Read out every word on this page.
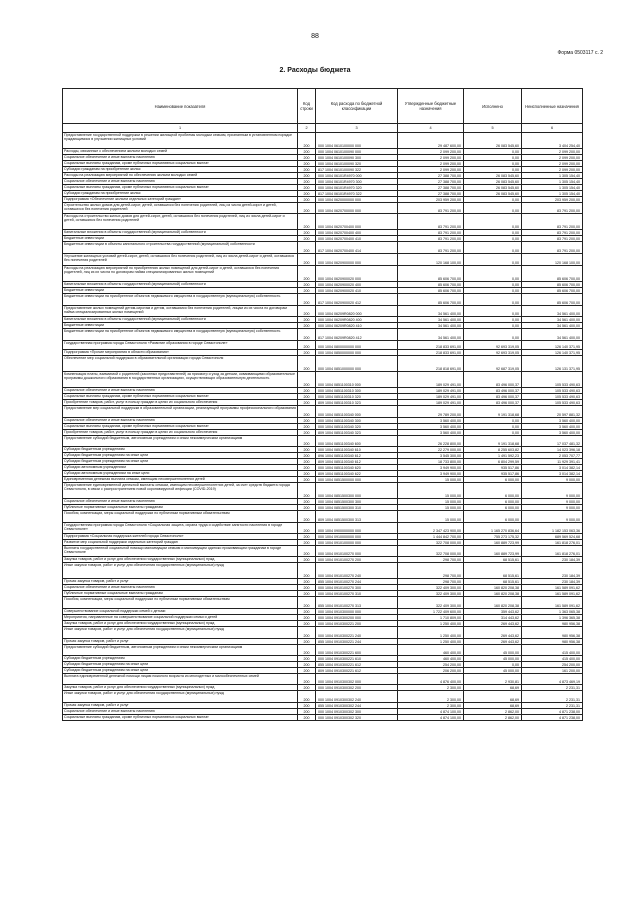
88
Форма 0503117 с. 2
2. Расходы бюджета
Наименование показателя	Код строки	Код расхода по бюджетной классификации	Утвержденные бюджетные назначения	Исполнено	Неисполненные назначения
1	2	3	4	5	6
Предоставление государственной поддержки в решении жилищной проблемы молодым семьям, признанным в установленном порядке нуждающимися в улучшении жилищных условий	200	000 1004 0610100000 000	29 487 600,00	26 083 545,60	3 404 254,40
Расходы, связанные с обеспечением жильем молодых семей	200	000 1004 0610100090 000	2 099 200,00	0,00	2 099 200,00
Социальное обеспечение и иные выплаты населению	200	000 1004 0610100090 300	2 099 200,00	0,00	2 099 200,00
Социальные выплаты гражданам, кроме публичных нормативных социальных выплат	200	000 1004 0610100090 320	2 099 200,00	0,00	2 099 200,00
Субсидии гражданам на приобретение жилья	200	817 1004 0610100090 322	2 099 200,00	0,00	2 099 200,00
Расходы на реализацию мероприятий по обеспечению жильем молодых семей	200	000 1004 06101R4970 000	27 388 700,00	26 083 545,60	1 305 154,40
Социальное обеспечение и иные выплаты населению	200	000 1004 06101R4970 300	27 388 700,00	26 083 545,60	1 305 154,40
Социальные выплаты гражданам, кроме публичных нормативных социальных выплат	200	000 1004 06101R4970 320	27 388 700,00	26 083 545,60	1 305 154,40
Субсидии гражданам на приобретение жилья	200	817 1004 06101R4970 322	27 388 700,00	26 083 545,60	1 305 154,40
Подпрограмма «Обеспечение жильем отдельных категорий граждан»	200	000 1004 0620000000 000	203 959 200,00	0,00	203 959 200,00
Строительство жилых домов для детей-сирот, детей, оставшихся без попечения родителей, лиц из числа детей-сирот и детей, оставшихся без попечения родителей	200	000 1004 0620700000 000	83 791 200,00	0,00	83 791 200,00
Расходы на строительство жилых домов для детей-сирот, детей, оставшихся без попечения родителей, лиц из числа детей-сирот и детей, оставшихся без попечения родителей	200	000 1004 0620700400 000	83 791 200,00	0,00	83 791 200,00
Капитальные вложения в объекты государственной (муниципальной) собственности	200	000 1004 0620700400 400	83 791 200,00	0,00	83 791 200,00
Бюджетные инвестиции	200	000 1004 0620700400 410	83 791 200,00	0,00	83 791 200,00
Бюджетные инвестиции в объекты капитального строительства государственной (муниципальной) собственности	200	817 1004 0620700400 414	83 791 200,00	0,00	83 791 200,00
Улучшение жилищных условий детей-сирот, детей, оставшихся без попечения родителей, лиц из числа детей-сирот и детей, оставшихся без попечения родителей	200	000 1004 0620900000 000	120 168 100,00	0,00	120 168 100,00
Расходы на реализацию мероприятий по приобретению жилых помещений для детей-сирот и детей, оставшихся без попечения родителей, лиц из их числа по договорам найма специализированных жилых помещений	200	000 1004 0620900020 000	85 606 700,00	0,00	85 606 700,00
Капитальные вложения в объекты государственной (муниципальной) собственности	200	000 1004 0620900020 400	85 606 700,00	0,00	85 606 700,00
Бюджетные инвестиции	200	000 1004 0620900020 410	85 606 700,00	0,00	85 606 700,00
Бюджетные инвестиции на приобретение объектов недвижимого имущества в государственную (муниципальную) собственность	200	817 1004 0620900020 412	85 606 700,00	0,00	85 606 700,00
Предоставление жилых помещений детям-сиротам и детям, оставшимся без попечения родителей, лицам из их числа по договорам найма специализированных жилых помещений	200	000 1004 06209R0820 000	34 561 400,00	0,00	34 561 400,00
Капитальные вложения в объекты государственной (муниципальной) собственности	200	000 1004 06209R0820 400	34 561 400,00	0,00	34 561 400,00
Бюджетные инвестиции	200	000 1004 06209R0820 410	34 561 400,00	0,00	34 561 400,00
Бюджетные инвестиции на приобретение объектов недвижимого имущества в государственную (муниципальную) собственность	200	817 1004 06209R0820 412	34 561 400,00	0,00	34 561 400,00
Государственная программа города Севастополя «Развитие образования в городе Севастополе»	200	000 1004 0800000000 000	218 833 691,00	92 693 319,05	126 140 371,95
Подпрограмма «Прочие мероприятия в области образования»	200	000 1004 0850000000 000	218 833 691,00	92 693 319,05	126 140 371,95
Обеспечение мер социальной поддержки в образовательной организации города Севастополя	200	000 1004 0851000000 000	218 818 691,00	92 687 319,05	126 131 371,95
Компенсация платы, взимаемой с родителей (законных представителей) за присмотр и уход за детьми, осваивающими образовательные программы дошкольного образования в государственных организациях, осуществляющих образовательную деятельность	200	000 1004 0851100310 000	189 029 491,00	83 496 000,37	105 533 490,63
Социальное обеспечение и иные выплаты населению	200	000 1004 0851100310 300	189 029 491,00	83 496 000,37	105 533 490,63
Социальные выплаты гражданам, кроме публичных нормативных социальных выплат	200	000 1004 0851100310 320	189 029 491,00	83 496 000,37	105 533 490,63
Приобретение товаров, работ, услуг в пользу граждан в целях их социального обеспечения	200	809 1004 0851100310 323	189 029 491,00	83 496 000,37	105 533 490,63
Предоставление мер социальной поддержки в образовательной организации, реализующей программы профессионального образования	200	000 1004 0851100340 000	29 789 200,00	9 191 318,68	20 597 881,32
Социальное обеспечение и иные выплаты населению	200	000 1004 0851100340 300	3 560 400,00	0,00	3 560 400,00
Социальные выплаты гражданам, кроме публичных нормативных социальных выплат	200	000 1004 0851100340 320	3 560 400,00	0,00	3 560 400,00
Приобретение товаров, работ, услуг в пользу граждан в целях их социального обеспечения	200	809 1004 0851100340 323	3 560 400,00	0,00	3 560 400,00
Предоставление субсидий бюджетным, автономным учреждениям и иным некоммерческим организациям	200	000 1004 0851100340 600	26 228 800,00	9 191 318,68	17 037 481,32
Субсидии бюджетным учреждениям	200	000 1004 0851100340 610	22 279 000,00	8 255 603,82	14 023 396,18
Субсидии бюджетным учреждениям на иные цели	200	896 1004 0851100340 612	3 545 300,00	1 491 592,23	2 053 707,77
Субсидии бюджетным учреждениям на иные цели	200	809 1004 0851100340 612	18 733 800,00	6 804 299,59	11 929 391,41
Субсидии автономным учреждениям	200	000 1004 0851100340 620	3 949 900,00	935 517,86	3 014 382,14
Субсидии автономным учреждениям на иные цели	200	809 1004 0851100340 622	3 949 900,00	935 517,86	3 014 382,14
Единовременная денежная выплата семьям, имеющим несовершеннолетних детей	200	000 1004 0851500000 000	15 000,00	6 000,00	9 000,00
Предоставление единовременной денежной выплаты семьям, имеющим несовершеннолетних детей, за счет средств бюджета города Севастополя, в связи с распространением новой коронавирусной инфекции (COVID-2019)	200	000 1004 0851500300 000	15 000,00	6 000,00	9 000,00
Социальное обеспечение и иные выплаты населению	200	000 1004 0851500300 300	15 000,00	6 000,00	9 000,00
Публичные нормативные социальные выплаты гражданам	200	000 1004 0851500300 310	15 000,00	6 000,00	9 000,00
Пособия, компенсации, меры социальной поддержки по публичным нормативным обязательствам	200	809 1004 0851500300 313	15 000,00	6 000,00	9 000,00
Государственная программа города Севастополя «Социальная защита, охрана труда и содействие занятости населения в городе Севастополе»	200	000 1004 0900000000 000	2 347 423 900,00	1 165 270 836,64	1 182 153 063,36
Подпрограмма «Социальная поддержка жителей города Севастополя»	200	000 1004 0910000000 000	1 444 842 700,00	755 273 175,32	689 569 524,68
Развитие мер социальной поддержки отдельных категорий граждан	200	000 1004 0910100000 000	322 708 000,00	160 889 723,99	161 818 276,01
Выплаты государственной социальной помощи малоимущим семьям и малоимущим одиноко проживающим гражданам в городе Севастополе	200	000 1004 0910100270 000	322 708 000,00	160 889 723,99	161 818 276,01
Закупка товаров, работ и услуг для обеспечения государственных (муниципальных) нужд	200	000 1004 0910100270 200	298 700,00	68 515,61	230 184,39
Иные закупки товаров, работ и услуг для обеспечения государственных (муниципальных) нужд	200	000 1004 0910100270 240	298 700,00	68 515,61	230 184,39
Прочая закупка товаров, работ и услуг	200	855 1004 0910100270 244	298 700,00	68 515,61	230 184,39
Социальное обеспечение и иные выплаты населению	200	000 1004 0910100270 300	322 409 300,00	160 820 208,38	161 589 091,62
Публичные нормативные социальные выплаты гражданам	200	000 1004 0910100270 310	322 409 300,00	160 820 208,38	161 589 091,62
Пособия, компенсации, меры социальной поддержки по публичным нормативным обязательствам	200	855 1004 0910100270 313	322 409 300,00	160 820 208,38	161 589 091,62
Совершенствование социальной поддержки семей с детьми	200	000 1004 0910300000 000	1 722 409 600,00	359 443,62	1 363 065,38
Мероприятия, направленные на совершенствование социальной поддержки семьи и детей	200	000 1004 0910300200 000	1 710 809,00	314 443,62	1 396 365,38
Закупка товаров, работ и услуг для обеспечения государственных (муниципальных) нужд	200	000 1004 0910300221 200	1 250 400,00	269 443,62	980 956,38
Иные закупки товаров, работ и услуг для обеспечения государственных (муниципальных) нужд	200	000 1004 0910300221 240	1 250 400,00	269 443,62	980 956,38
Прочая закупка товаров, работ и услуг	200	855 1004 0910300221 244	1 250 400,00	269 443,62	980 956,38
Предоставление субсидий бюджетным, автономным учреждениям и иным некоммерческим организациям	200	000 1004 0910300221 600	460 400,00	45 000,00	415 400,00
Субсидии бюджетным учреждениям	200	000 1004 0910300221 610	460 400,00	45 000,00	415 400,00
Субсидии бюджетным учреждениям на иные цели	200	855 1004 0910300221 612	254 200,00	0,00	254 200,00
Субсидии бюджетным учреждениям на иные цели	200	809 1004 0910300221 612	206 200,00	45 000,00	161 200,00
Выплата единовременной денежной помощи лицам пожилого возраста из многодетных и малообеспеченных семей	200	000 1004 0910300302 000	4 876 400,00	2 930,81	4 873 469,19
Закупка товаров, работ и услуг для обеспечения государственных (муниципальных) нужд	200	000 1004 0910300302 200	2 300,00	68,69	2 231,31
Иные закупки товаров, работ и услуг для обеспечения государственных (муниципальных) нужд	200	000 1004 0910300302 240	2 300,00	68,69	2 231,31
Прочая закупка товаров, работ и услуг	200	855 1004 0910300302 244	2 300,00	68,69	2 231,31
Социальное обеспечение и иные выплаты населению	200	000 1004 0910300302 300	4 874 100,00	2 862,00	4 871 238,00
Социальные выплаты гражданам, кроме публичных нормативных социальных выплат	200	000 1004 0910300302 320	4 874 100,00	2 862,00	4 871 238,00
